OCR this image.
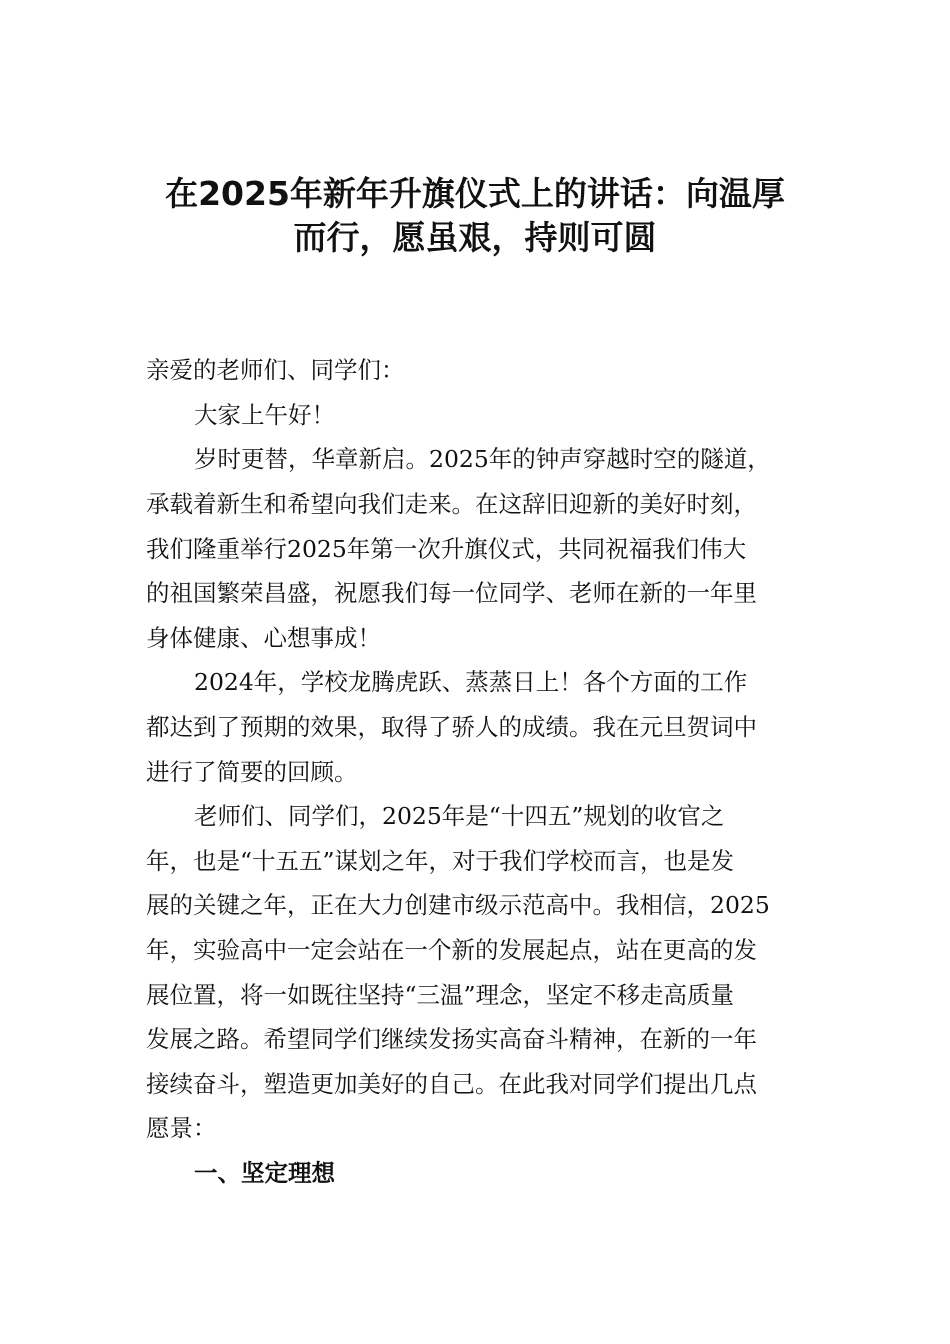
在2025年新年升旗仪式上的讲话：向温厚
而行，愿虽艰，持则可圆
亲爱的老师们、同学们：
大家上午好！
岁时更替，华章新启。2025年的钟声穿越时空的隧道，
承载着新生和希望向我们走来。在这辞旧迎新的美好时刻，
我们隆重举行2025年第一次升旗仪式，共同祝福我们伟大
的祖国繁荣昌盛，祝愿我们每一位同学、老师在新的一年里
身体健康、心想事成！
2024年，学校龙腾虎跃、蒸蒸日上！各个方面的工作
都达到了预期的效果，取得了骄人的成绩。我在元旦贺词中
进行了简要的回顾。
老师们、同学们，2025年是“十四五”规划的收官之
年，也是“十五五”谋划之年，对于我们学校而言，也是发
展的关键之年，正在大力创建市级示范高中。我相信，2025
年，实验高中一定会站在一个新的发展起点，站在更高的发
展位置，将一如既往坚持“三温”理念，坚定不移走高质量
发展之路。希望同学们继续发扬实高奋斗精神，在新的一年
接续奋斗，塑造更加美好的自己。在此我对同学们提出几点
愿景：
一、坚定理想
